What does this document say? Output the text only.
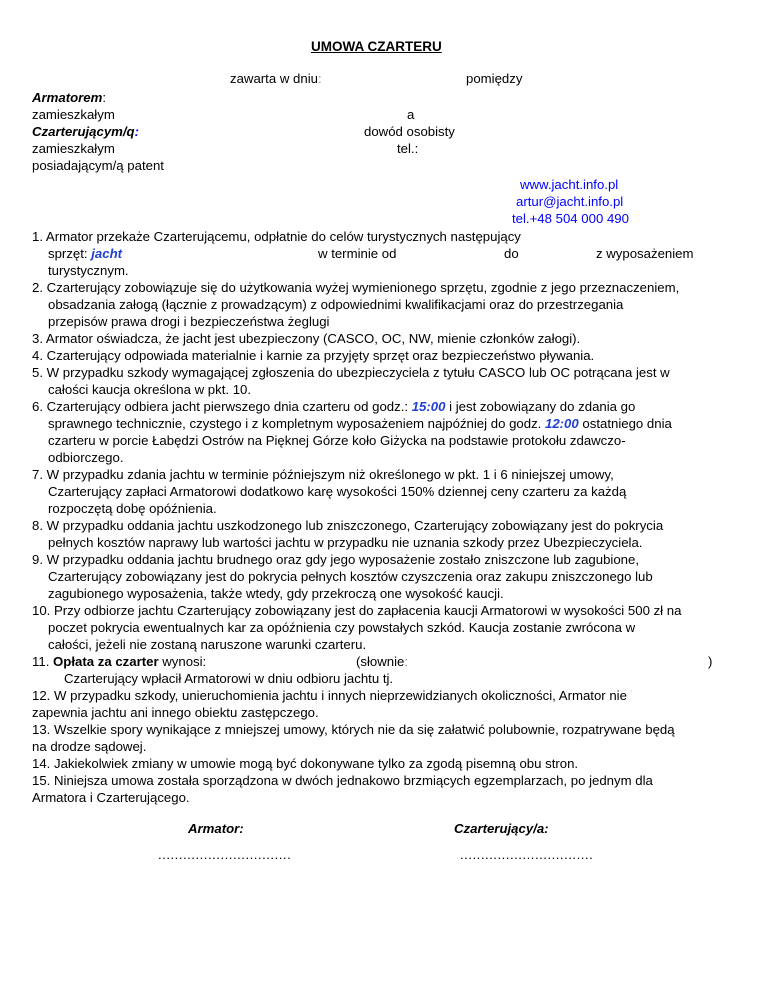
UMOWA CZARTERU
zawarta w dniu:	pomiędzy
Armatorem:
zamieszkałym	a
Czarterującym/q:	dowód osobisty
zamieszkałym	tel.:
posiadającym/ą patent
www.jacht.info.pl
artur@jacht.info.pl
tel.+48 504 000 490
1. Armator przekaże Czarterującemu, odpłatnie do celów turystycznych następujący
sprzęt: jacht	w terminie od	do	z wyposażeniem
turystycznym.
2. Czarterujący zobowiązuje się do użytkowania wyżej wymienionego sprzętu, zgodnie z jego przeznaczeniem,
obsadzania załogą (łącznie z prowadzącym) z odpowiednimi kwalifikacjami oraz do przestrzegania
przepisów prawa drogi i bezpieczeństwa żeglugi
3. Armator oświadcza, że jacht jest ubezpieczony (CASCO, OC, NW, mienie członków załogi).
4. Czarterujący odpowiada materialnie i karnie za przyjęty sprzęt oraz bezpieczeństwo pływania.
5. W przypadku szkody wymagającej zgłoszenia do ubezpieczyciela z tytułu CASCO lub OC potrącana jest w
całości kaucja określona w pkt. 10.
6. Czarterujący odbiera jacht pierwszego dnia czarteru od godz.: 15:00 i jest zobowiązany do zdania go
sprawnego technicznie, czystego i z kompletnym wyposażeniem najpóźniej do godz. 12:00 ostatniego dnia
czarteru w porcie Łabędzi Ostrów na Pięknej Górze koło Giżycka na podstawie protokołu zdawczo-
odbiorczego.
7. W przypadku zdania jachtu w terminie późniejszym niż określonego w pkt. 1 i 6 niniejszej umowy,
Czarterujący zapłaci Armatorowi dodatkowo karę wysokości 150% dziennej ceny czarteru za każdą
rozpoczętą dobę opóźnienia.
8. W przypadku oddania jachtu uszkodzonego lub zniszczonego, Czarterujący zobowiązany jest do pokrycia
pełnych kosztów naprawy lub wartości jachtu w przypadku nie uznania szkody przez Ubezpieczyciela.
9. W przypadku oddania jachtu brudnego oraz gdy jego wyposażenie zostało zniszczone lub zagubione,
Czarterujący zobowiązany jest do pokrycia pełnych kosztów czyszczenia oraz zakupu zniszczonego lub
zagubionego wyposażenia, także wtedy, gdy przekroczą one wysokość kaucji.
10. Przy odbiorze jachtu Czarterujący zobowiązany jest do zapłacenia kaucji Armatorowi w wysokości 500 zł na
poczet pokrycia ewentualnych kar za opóźnienia czy powstałych szkód. Kaucja zostanie zwrócona w
całości, jeżeli nie zostaną naruszone warunki czarteru.
11. Opłata za czarter wynosi:	(słownie:	)
Czarterujący wpłacił Armatorowi w dniu odbioru jachtu tj.
12. W przypadku szkody, unieruchomienia jachtu i innych nieprzewidzianych okoliczności, Armator nie
zapewnia jachtu ani innego obiektu zastępczego.
13. Wszelkie spory wynikające z mniejszej umowy, których nie da się załatwić polubownie, rozpatrywane będą
na drodze sądowej.
14. Jakiekolwiek zmiany w umowie mogą być dokonywane tylko za zgodą pisemną obu stron.
15. Niniejsza umowa została sporządzona w dwóch jednakowo brzmiących egzemplarzach, po jednym dla
Armatora i Czarterującego.
Armator:	Czarterujący/a:
................................	................................
